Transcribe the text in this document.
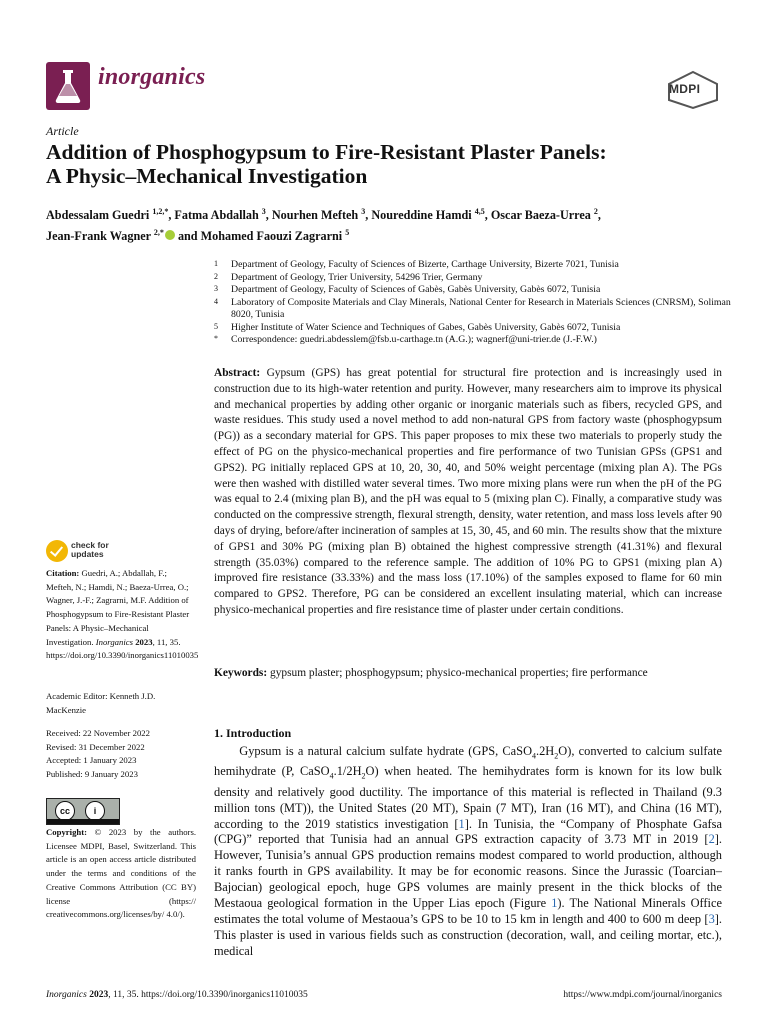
inorganics	MDPI
Article
Addition of Phosphogypsum to Fire-Resistant Plaster Panels:
A Physic–Mechanical Investigation
Abdessalam Guedri $^{1,2,*}$, Fatma Abdallah $^3$, Nourhen Mefteh $^3$, Noureddine Hamdi $^{4,5}$, Oscar Baeza-Urrea $^2$,
Jean-Frank Wagner $^{2,*}$ and Mohamed Faouzi Zagrarni $^5$
1	Department of Geology, Faculty of Sciences of Bizerte, Carthage University, Bizerte 7021, Tunisia
2	Department of Geology, Trier University, 54296 Trier, Germany
3	Department of Geology, Faculty of Sciences of Gabès, Gabès University, Gabès 6072, Tunisia
4	Laboratory of Composite Materials and Clay Minerals, National Center for Research in Materials Sciences (CNRSM), Soliman 8020, Tunisia
5	Higher Institute of Water Science and Techniques of Gabes, Gabès University, Gabès 6072, Tunisia
*	Correspondence: guedri.abdesslem@fsb.u-carthage.tn (A.G.); wagnerf@uni-trier.de (J.-F.W.)
Abstract: Gypsum (GPS) has great potential for structural fire protection and is increasingly used in construction due to its high-water retention and purity. However, many researchers aim to improve its physical and mechanical properties by adding other organic or inorganic materials such as fibers, recycled GPS, and waste residues. This study used a novel method to add non-natural GPS from factory waste (phosphogypsum (PG)) as a secondary material for GPS. This paper proposes to mix these two materials to properly study the effect of PG on the physico-mechanical properties and fire performance of two Tunisian GPSs (GPS1 and GPS2). PG initially replaced GPS at 10, 20, 30, 40, and 50% weight percentage (mixing plan A). The PGs were then washed with distilled water several times. Two more mixing plans were run when the pH of the PG was equal to 2.4 (mixing plan B), and the pH was equal to 5 (mixing plan C). Finally, a comparative study was conducted on the compressive strength, flexural strength, density, water retention, and mass loss levels after 90 days of drying, before/after incineration of samples at 15, 30, 45, and 60 min. The results show that the mixture of GPS1 and 30% PG (mixing plan B) obtained the highest compressive strength (41.31%) and flexural strength (35.03%) compared to the reference sample. The addition of 10% PG to GPS1 (mixing plan A) improved fire resistance (33.33%) and the mass loss (17.10%) of the samples exposed to flame for 60 min compared to GPS2. Therefore, PG can be considered an excellent insulating material, which can increase physico-mechanical properties and fire resistance time of plaster under certain conditions.
Keywords: gypsum plaster; phosphogypsum; physico-mechanical properties; fire performance
check for
updates
Citation: Guedri, A.; Abdallah, F.; Mefteh, N.; Hamdi, N.; Baeza-Urrea, O.; Wagner, J.-F.; Zagrarni, M.F. Addition of Phosphogypsum to Fire-Resistant Plaster Panels: A Physic–Mechanical Investigation. Inorganics 2023, 11, 35. https://doi.org/10.3390/inorganics11010035
Academic Editor: Kenneth J.D. MacKenzie
Received: 22 November 2022
Revised: 31 December 2022
Accepted: 1 January 2023
Published: 9 January 2023
cc	i
Copyright: © 2023 by the authors. Licensee MDPI, Basel, Switzerland. This article is an open access article distributed under the terms and conditions of the Creative Commons Attribution (CC BY) license (https:// creativecommons.org/licenses/by/ 4.0/).
1. Introduction
Gypsum is a natural calcium sulfate hydrate (GPS, $CaSO_4.2H_2O$), converted to calcium sulfate hemihydrate (P, $CaSO_4.1/2H_2O$) when heated. The hemihydrates form is known for its low bulk density and relatively good ductility. The importance of this material is reflected in Thailand (9.3 million tons (MT)), the United States (20 MT), Spain (7 MT), Iran (16 MT), and China (16 MT), according to the 2019 statistics investigation [1]. In Tunisia, the “Company of Phosphate Gafsa (CPG)” reported that Tunisia had an annual GPS extraction capacity of 3.73 MT in 2019 [2]. However, Tunisia’s annual GPS production remains modest compared to world production, although it ranks fourth in GPS availability. It may be for economic reasons. Since the Jurassic (Toarcian–Bajocian) geological epoch, huge GPS volumes are mainly present in the thick blocks of the Mestaoua geological formation in the Upper Lias epoch (Figure 1). The National Minerals Office estimates the total volume of Mestaoua’s GPS to be 10 to 15 km in length and 400 to 600 m deep [3]. This plaster is used in various fields such as construction (decoration, wall, and ceiling mortar, etc.), medical
Inorganics 2023, 11, 35. https://doi.org/10.3390/inorganics11010035	https://www.mdpi.com/journal/inorganics
